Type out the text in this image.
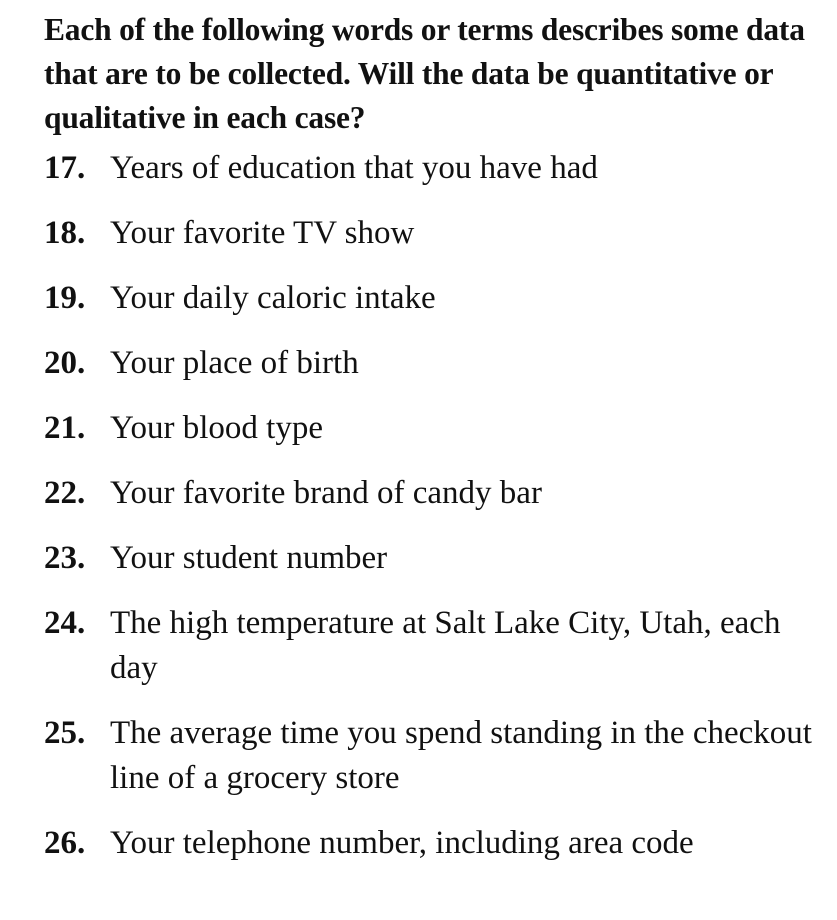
Each of the following words or terms describes some data that are to be collected. Will the data be quantitative or qualitative in each case?

17. Years of education that you have had
18. Your favorite TV show
19. Your daily caloric intake
20. Your place of birth
21. Your blood type
22. Your favorite brand of candy bar
23. Your student number
24. The high temperature at Salt Lake City, Utah, each day
25. The average time you spend standing in the checkout line of a grocery store
26. Your telephone number, including area code
